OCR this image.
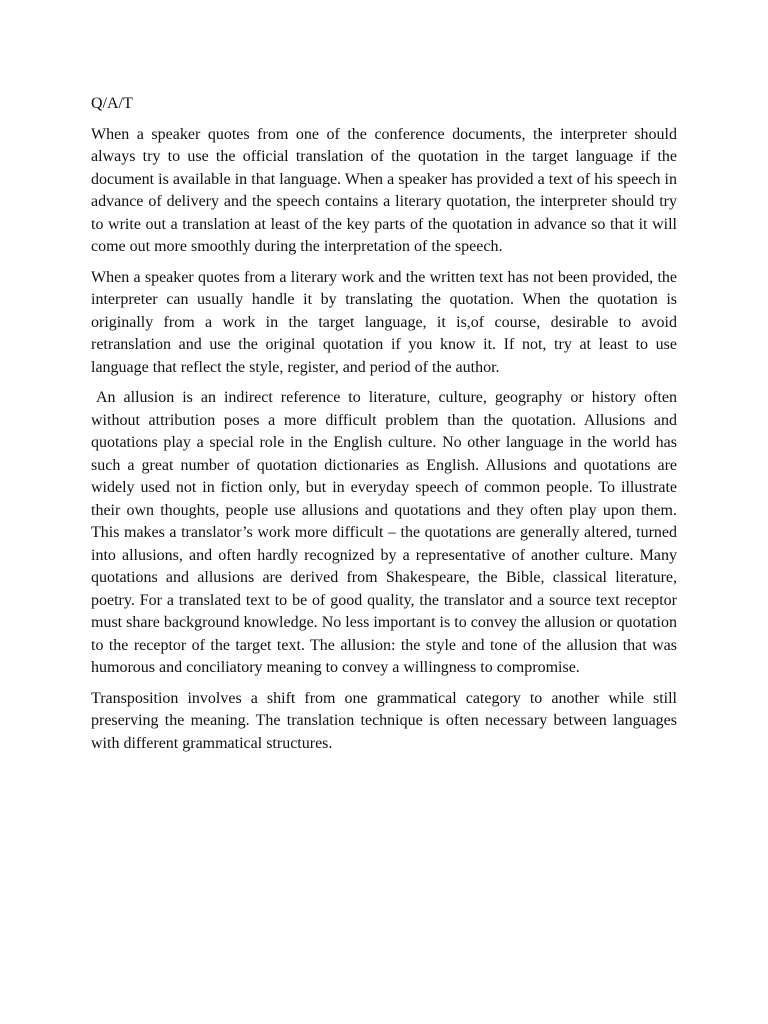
Q/A/T

When a speaker quotes from one of the conference documents, the interpreter should always try to use the official translation of the quotation in the target language if the document is available in that language. When a speaker has provided a text of his speech in advance of delivery and the speech contains a literary quotation, the interpreter should try to write out a translation at least of the key parts of the quotation in advance so that it will come out more smoothly during the interpretation of the speech.

When a speaker quotes from a literary work and the written text has not been provided, the interpreter can usually handle it by translating the quotation. When the quotation is originally from a work in the target language, it is,of course, desirable to avoid retranslation and use the original quotation if you know it. If not, try at least to use language that reflect the style, register, and period of the author.

An allusion is an indirect reference to literature, culture, geography or history often without attribution poses a more difficult problem than the quotation. Allusions and quotations play a special role in the English culture. No other language in the world has such a great number of quotation dictionaries as English. Allusions and quotations are widely used not in fiction only, but in everyday speech of common people. To illustrate their own thoughts, people use allusions and quotations and they often play upon them. This makes a translator’s work more difficult – the quotations are generally altered, turned into allusions, and often hardly recognized by a representative of another culture. Many quotations and allusions are derived from Shakespeare, the Bible, classical literature, poetry. For a translated text to be of good quality, the translator and a source text receptor must share background knowledge. No less important is to convey the allusion or quotation to the receptor of the target text. The allusion: the style and tone of the allusion that was humorous and conciliatory meaning to convey a willingness to compromise.

Transposition involves a shift from one grammatical category to another while still preserving the meaning. The translation technique is often necessary between languages with different grammatical structures.
